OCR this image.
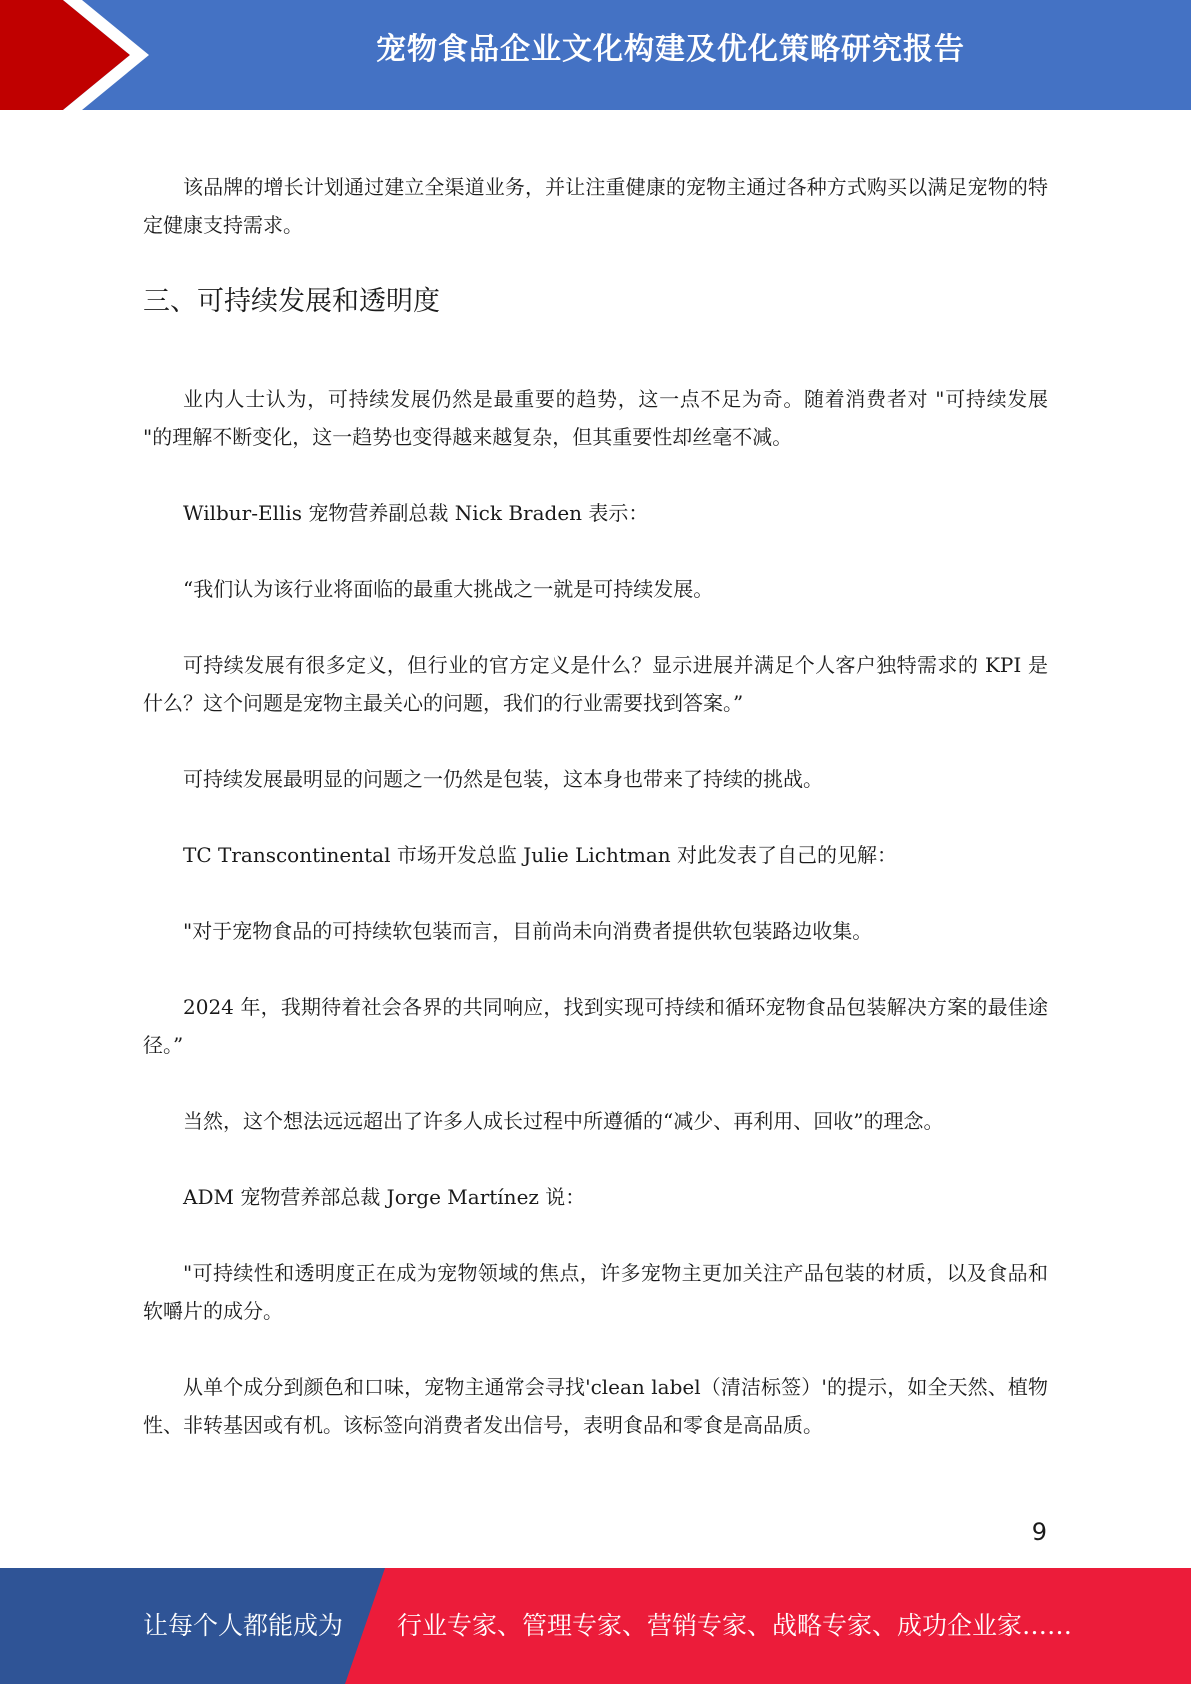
宠物食品企业文化构建及优化策略研究报告

该品牌的增长计划通过建立全渠道业务，并让注重健康的宠物主通过各种方式购买以满足宠物的特定健康支持需求。

三、可持续发展和透明度

业内人士认为，可持续发展仍然是最重要的趋势，这一点不足为奇。随着消费者对 "可持续发展 "的理解不断变化，这一趋势也变得越来越复杂，但其重要性却丝毫不减。

Wilbur-Ellis 宠物营养副总裁 Nick Braden 表示：

“我们认为该行业将面临的最重大挑战之一就是可持续发展。

可持续发展有很多定义，但行业的官方定义是什么？显示进展并满足个人客户独特需求的 KPI 是什么？这个问题是宠物主最关心的问题，我们的行业需要找到答案。”

可持续发展最明显的问题之一仍然是包装，这本身也带来了持续的挑战。

TC Transcontinental 市场开发总监 Julie Lichtman 对此发表了自己的见解：

"对于宠物食品的可持续软包装而言，目前尚未向消费者提供软包装路边收集。

2024 年，我期待着社会各界的共同响应，找到实现可持续和循环宠物食品包装解决方案的最佳途径。”

当然，这个想法远远超出了许多人成长过程中所遵循的“减少、再利用、回收”的理念。

ADM 宠物营养部总裁 Jorge Martínez 说：

"可持续性和透明度正在成为宠物领域的焦点，许多宠物主更加关注产品包装的材质，以及食品和软嚼片的成分。

从单个成分到颜色和口味，宠物主通常会寻找'clean label（清洁标签）'的提示，如全天然、植物性、非转基因或有机。该标签向消费者发出信号，表明食品和零食是高品质。

9
让每个人都能成为 行业专家、管理专家、营销专家、战略专家、成功企业家……
